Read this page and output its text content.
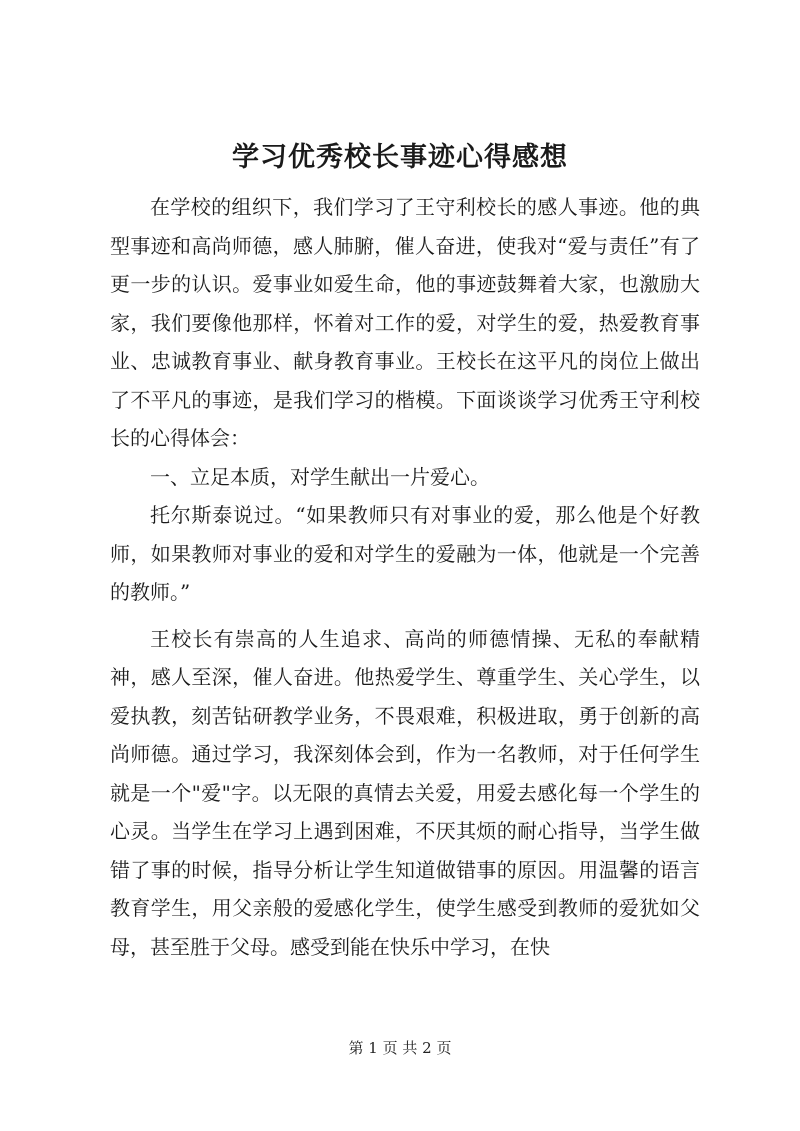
学习优秀校长事迹心得感想

在学校的组织下，我们学习了王守利校长的感人事迹。他的典型事迹和高尚师德，感人肺腑，催人奋进，使我对“爱与责任”有了更一步的认识。爱事业如爱生命，他的事迹鼓舞着大家，也激励大家，我们要像他那样，怀着对工作的爱，对学生的爱，热爱教育事业、忠诚教育事业、献身教育事业。王校长在这平凡的岗位上做出了不平凡的事迹，是我们学习的楷模。下面谈谈学习优秀王守利校长的心得体会：

一、立足本质，对学生献出一片爱心。

托尔斯泰说过。“如果教师只有对事业的爱，那么他是个好教师，如果教师对事业的爱和对学生的爱融为一体，他就是一个完善的教师。”

王校长有崇高的人生追求、高尚的师德情操、无私的奉献精神，感人至深，催人奋进。他热爱学生、尊重学生、关心学生，以爱执教，刻苦钻研教学业务，不畏艰难，积极进取，勇于创新的高尚师德。通过学习，我深刻体会到，作为一名教师，对于任何学生就是一个"爱"字。以无限的真情去关爱，用爱去感化每一个学生的心灵。当学生在学习上遇到困难，不厌其烦的耐心指导，当学生做错了事的时候，指导分析让学生知道做错事的原因。用温馨的语言教育学生，用父亲般的爱感化学生，使学生感受到教师的爱犹如父母，甚至胜于父母。感受到能在快乐中学习，在快

第 1 页 共 2 页
